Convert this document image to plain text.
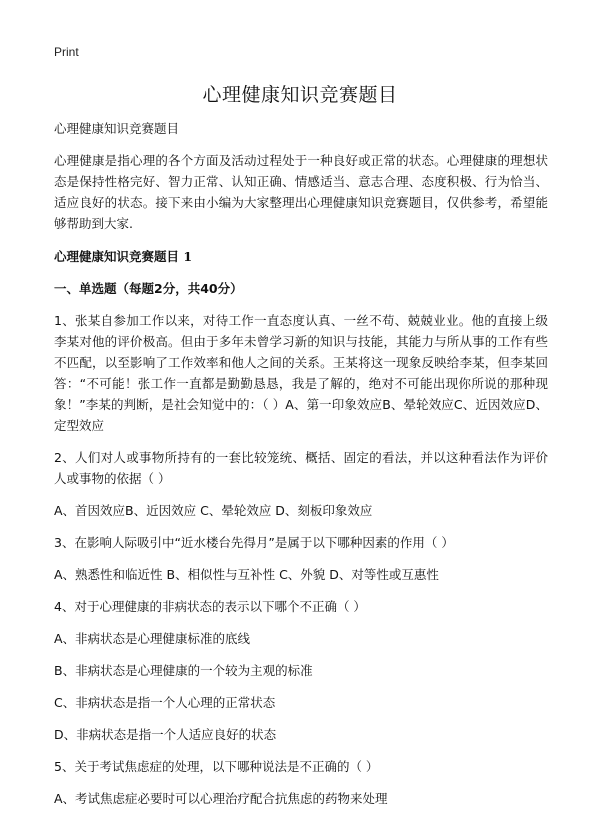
Print
心理健康知识竞赛题目

心理健康知识竞赛题目

心理健康是指心理的各个方面及活动过程处于一种良好或正常的状态。心理健康的理想状态是保持性格完好、智力正常、认知正确、情感适当、意志合理、态度积极、行为恰当、适应良好的状态。接下来由小编为大家整理出心理健康知识竞赛题目，仅供参考，希望能够帮助到大家.

心理健康知识竞赛题目 1

一、单选题（每题2分，共40分）

1、张某自参加工作以来，对待工作一直态度认真、一丝不苟、兢兢业业。他的直接上级李某对他的评价极高。但由于多年未曾学习新的知识与技能，其能力与所从事的工作有些不匹配，以至影响了工作效率和他人之间的关系。王某将这一现象反映给李某，但李某回答：“不可能！张工作一直都是勤勤恳恳，我是了解的，绝对不可能出现你所说的那种现象！”李某的判断，是社会知觉中的：（ ）A、第一印象效应B、晕轮效应C、近因效应D、定型效应

2、人们对人或事物所持有的一套比较笼统、概括、固定的看法，并以这种看法作为评价人或事物的依据（ ）

A、首因效应B、近因效应 C、晕轮效应 D、刻板印象效应

3、在影响人际吸引中“近水楼台先得月”是属于以下哪种因素的作用（ ）

A、熟悉性和临近性 B、相似性与互补性 C、外貌 D、对等性或互惠性

4、对于心理健康的非病状态的表示以下哪个不正确（ ）

A、非病状态是心理健康标准的底线

B、非病状态是心理健康的一个较为主观的标准

C、非病状态是指一个人心理的正常状态

D、非病状态是指一个人适应良好的状态

5、关于考试焦虑症的处理，以下哪种说法是不正确的（ ）

A、考试焦虑症必要时可以心理治疗配合抗焦虑的药物来处理
